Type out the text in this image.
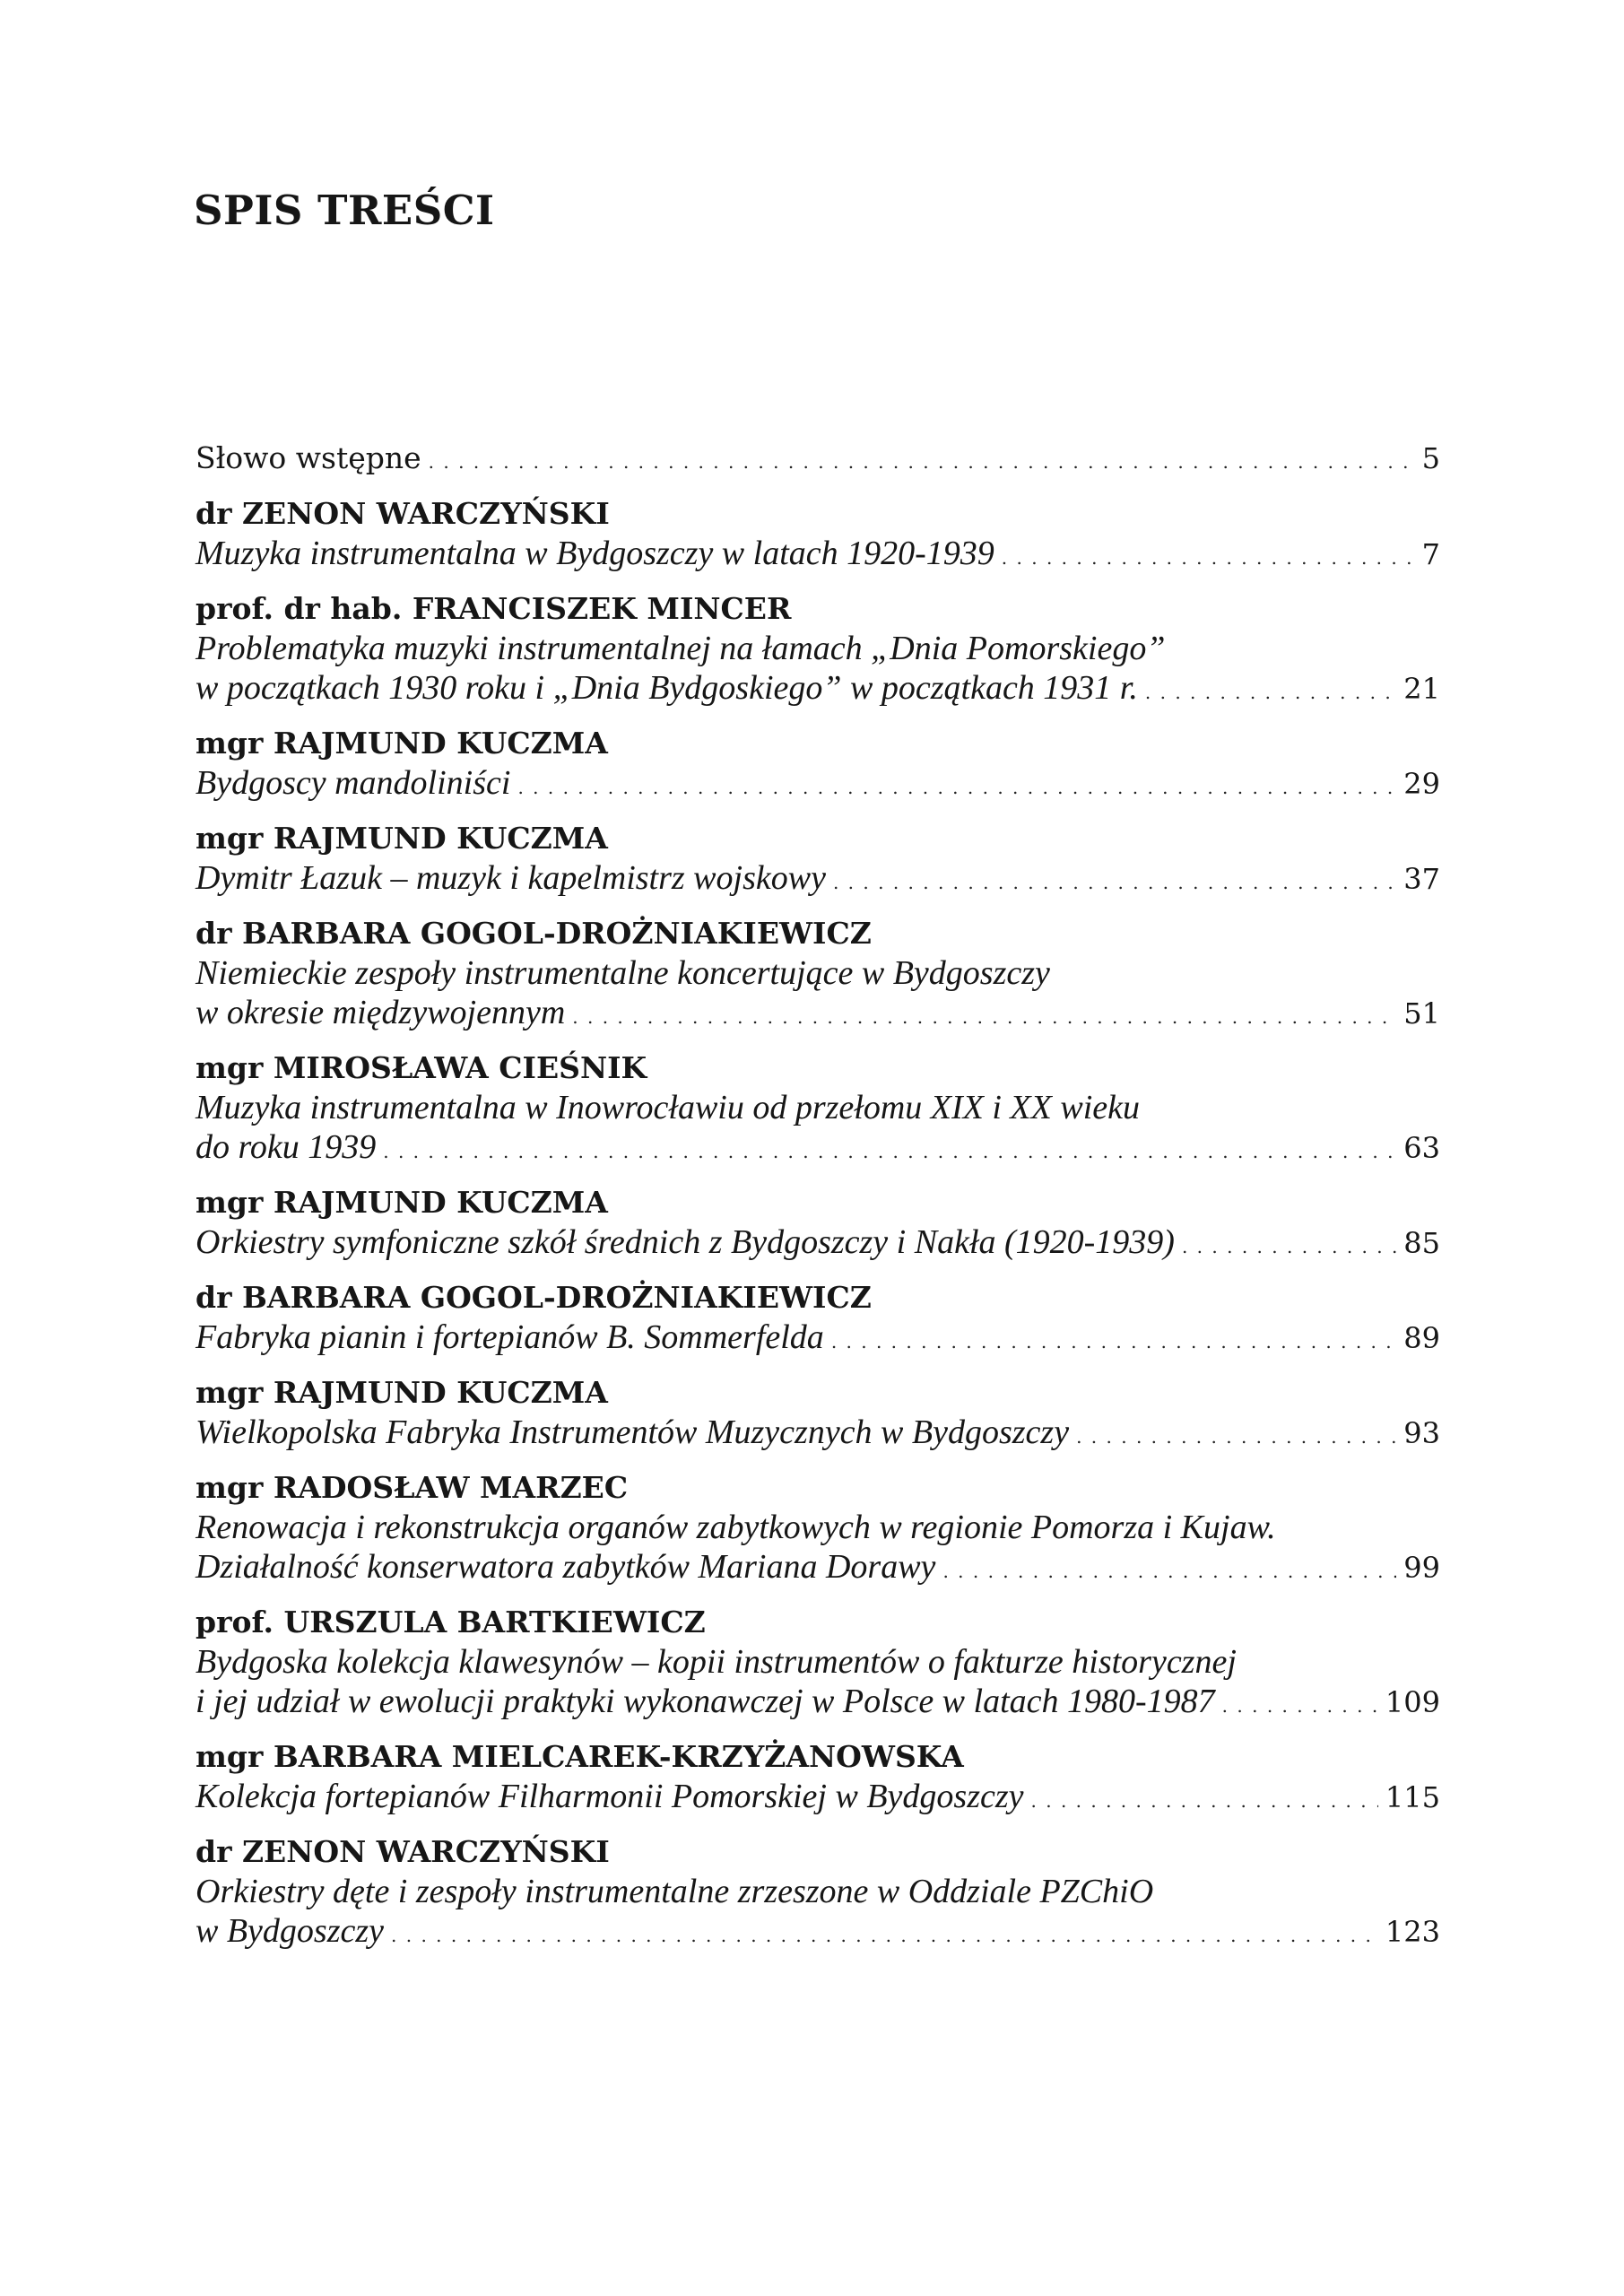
SPIS TREŚCI
Słowo wstępne . . .	5
dr ZENON WARCZYŃSKI
Muzyka instrumentalna w Bydgoszczy w latach 1920-1939 . . .	7
prof. dr hab. FRANCISZEK MINCER
Problematyka muzyki instrumentalnej na łamach „Dnia Pomorskiego”
w początkach 1930 roku i „Dnia Bydgoskiego” w początkach 1931 r. . . .	21
mgr RAJMUND KUCZMA
Bydgoscy mandoliniści . . .	29
mgr RAJMUND KUCZMA
Dymitr Łazuk – muzyk i kapelmistrz wojskowy . . .	37
dr BARBARA GOGOL-DROŻNIAKIEWICZ
Niemieckie zespoły instrumentalne koncertujące w Bydgoszczy
w okresie międzywojennym . . .	51
mgr MIROSŁAWA CIEŚNIK
Muzyka instrumentalna w Inowrocławiu od przełomu XIX i XX wieku
do roku 1939 . . .	63
mgr RAJMUND KUCZMA
Orkiestry symfoniczne szkół średnich z Bydgoszczy i Nakła (1920-1939) . . .	85
dr BARBARA GOGOL-DROŻNIAKIEWICZ
Fabryka pianin i fortepianów B. Sommerfelda . . .	89
mgr RAJMUND KUCZMA
Wielkopolska Fabryka Instrumentów Muzycznych w Bydgoszczy . . .	93
mgr RADOSŁAW MARZEC
Renowacja i rekonstrukcja organów zabytkowych w regionie Pomorza i Kujaw.
Działalność konserwatora zabytków Mariana Dorawy . . .	99
prof. URSZULA BARTKIEWICZ
Bydgoska kolekcja klawesynów – kopii instrumentów o fakturze historycznej
i jej udział w ewolucji praktyki wykonawczej w Polsce w latach 1980-1987 . . .	109
mgr BARBARA MIELCAREK-KRZYŻANOWSKA
Kolekcja fortepianów Filharmonii Pomorskiej w Bydgoszczy . . .	115
dr ZENON WARCZYŃSKI
Orkiestry dęte i zespoły instrumentalne zrzeszone w Oddziale PZChiO
w Bydgoszczy . . .	123
